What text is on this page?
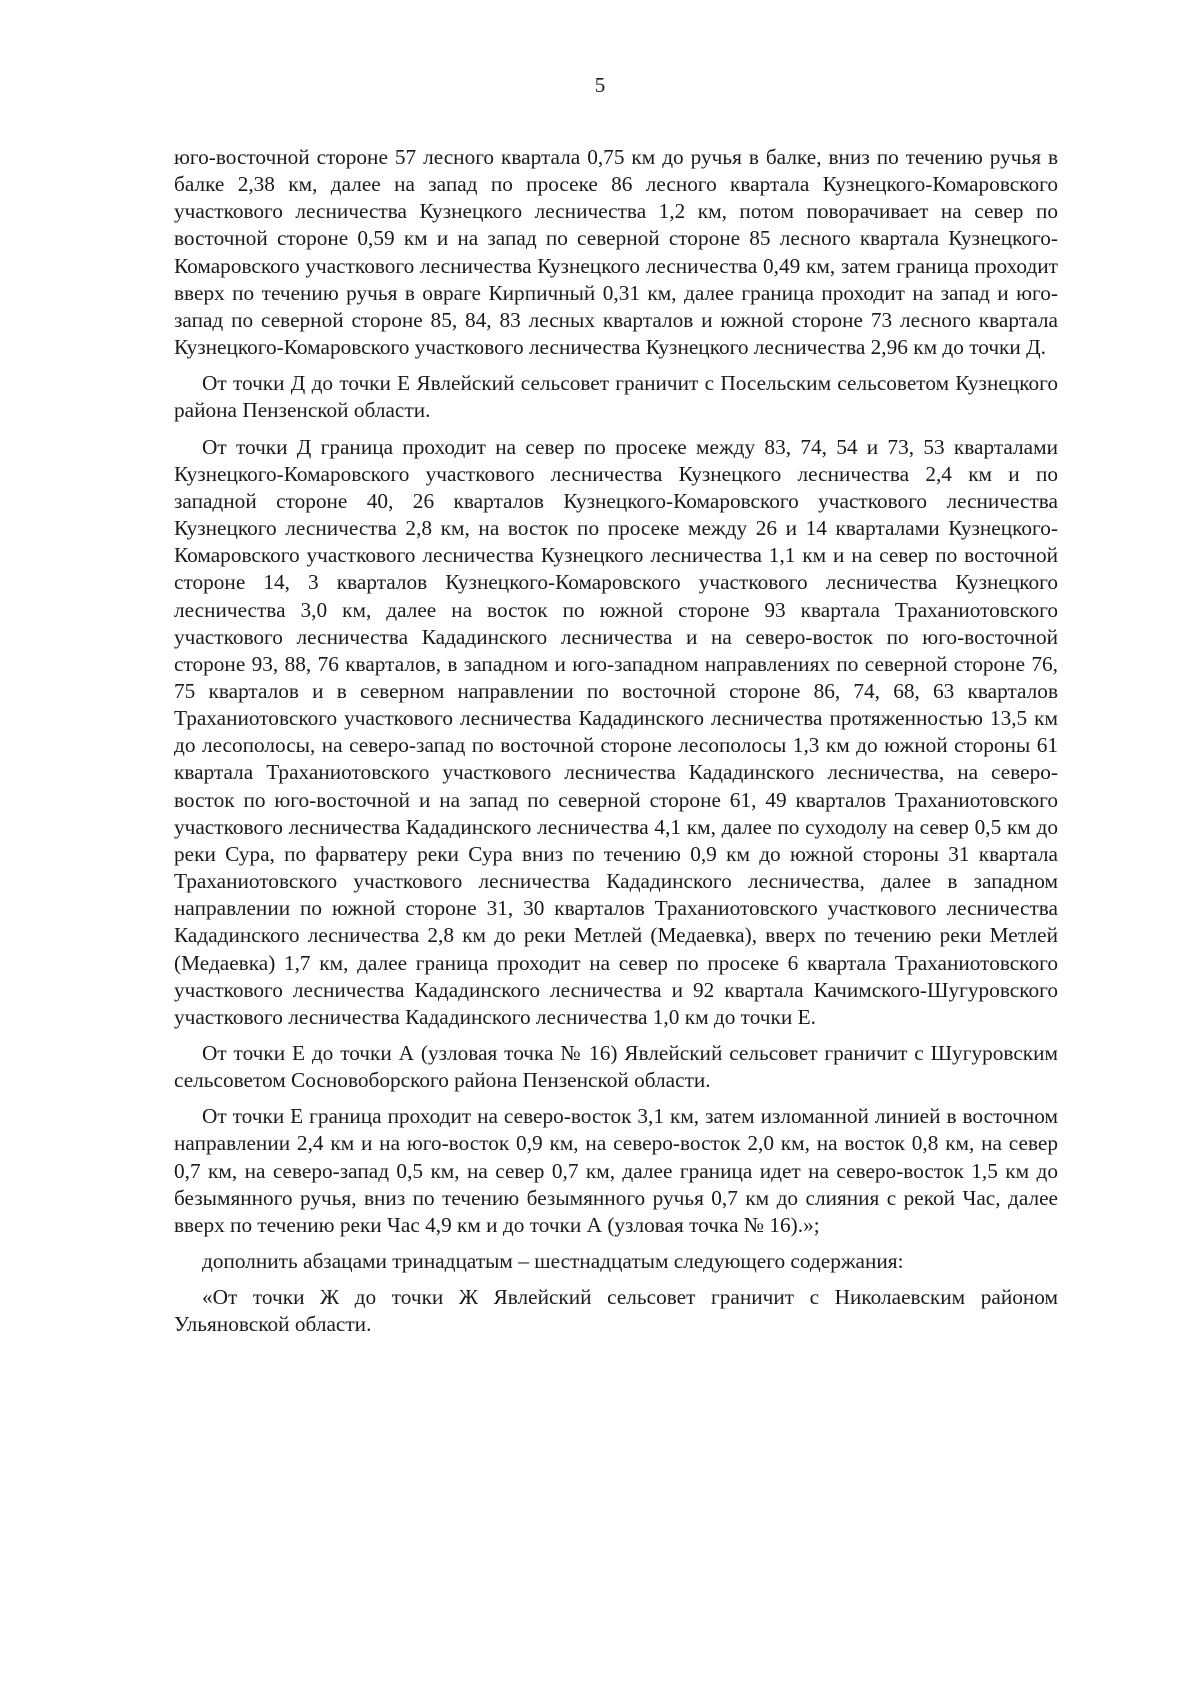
5

юго-восточной стороне 57 лесного квартала 0,75 км до ручья в балке, вниз по течению ручья в балке 2,38 км, далее на запад по просеке 86 лесного квартала Кузнецкого-Комаровского участкового лесничества Кузнецкого лесничества 1,2 км, потом поворачивает на север по восточной стороне 0,59 км и на запад по северной стороне 85 лесного квартала Кузнецкого-Комаровского участкового лесничества Кузнецкого лесничества 0,49 км, затем граница проходит вверх по течению ручья в овраге Кирпичный 0,31 км, далее граница проходит на запад и юго-запад по северной стороне 85, 84, 83 лесных кварталов и южной стороне 73 лесного квартала Кузнецкого-Комаровского участкового лесничества Кузнецкого лесничества 2,96 км до точки Д.

От точки Д до точки Е Явлейский сельсовет граничит с Посельским сельсоветом Кузнецкого района Пензенской области.

От точки Д граница проходит на север по просеке между 83, 74, 54 и 73, 53 кварталами Кузнецкого-Комаровского участкового лесничества Кузнецкого лесничества 2,4 км и по западной стороне 40, 26 кварталов Кузнецкого-Комаровского участкового лесничества Кузнецкого лесничества 2,8 км, на восток по просеке между 26 и 14 кварталами Кузнецкого-Комаровского участкового лесничества Кузнецкого лесничества 1,1 км и на север по восточной стороне 14, 3 кварталов Кузнецкого-Комаровского участкового лесничества Кузнецкого лесничества 3,0 км, далее на восток по южной стороне 93 квартала Траханиотовского участкового лесничества Кададинского лесничества и на северо-восток по юго-восточной стороне 93, 88, 76 кварталов, в западном и юго-западном направлениях по северной стороне 76, 75 кварталов и в северном направлении по восточной стороне 86, 74, 68, 63 кварталов Траханиотовского участкового лесничества Кададинского лесничества протяженностью 13,5 км до лесополосы, на северо-запад по восточной стороне лесополосы 1,3 км до южной стороны 61 квартала Траханиотовского участкового лесничества Кададинского лесничества, на северо-восток по юго-восточной и на запад по северной стороне 61, 49 кварталов Траханиотовского участкового лесничества Кададинского лесничества 4,1 км, далее по суходолу на север 0,5 км до реки Сура, по фарватеру реки Сура вниз по течению 0,9 км до южной стороны 31 квартала Траханиотовского участкового лесничества Кададинского лесничества, далее в западном направлении по южной стороне 31, 30 кварталов Траханиотовского участкового лесничества Кададинского лесничества 2,8 км до реки Метлей (Медаевка), вверх по течению реки Метлей (Медаевка) 1,7 км, далее граница проходит на север по просеке 6 квартала Траханиотовского участкового лесничества Кададинского лесничества и 92 квартала Качимского-Шугуровского участкового лесничества Кададинского лесничества 1,0 км до точки Е.

От точки Е до точки А (узловая точка № 16) Явлейский сельсовет граничит с Шугуровским сельсоветом Сосновоборского района Пензенской области.

От точки Е граница проходит на северо-восток 3,1 км, затем изломанной линией в восточном направлении 2,4 км и на юго-восток 0,9 км, на северо-восток 2,0 км, на восток 0,8 км, на север 0,7 км, на северо-запад 0,5 км, на север 0,7 км, далее граница идет на северо-восток 1,5 км до безымянного ручья, вниз по течению безымянного ручья 0,7 км до слияния с рекой Час, далее вверх по течению реки Час 4,9 км и до точки А (узловая точка № 16).»;

дополнить абзацами тринадцатым – шестнадцатым следующего содержания:

«От точки Ж до точки Ж Явлейский сельсовет граничит с Николаевским районом Ульяновской области.
